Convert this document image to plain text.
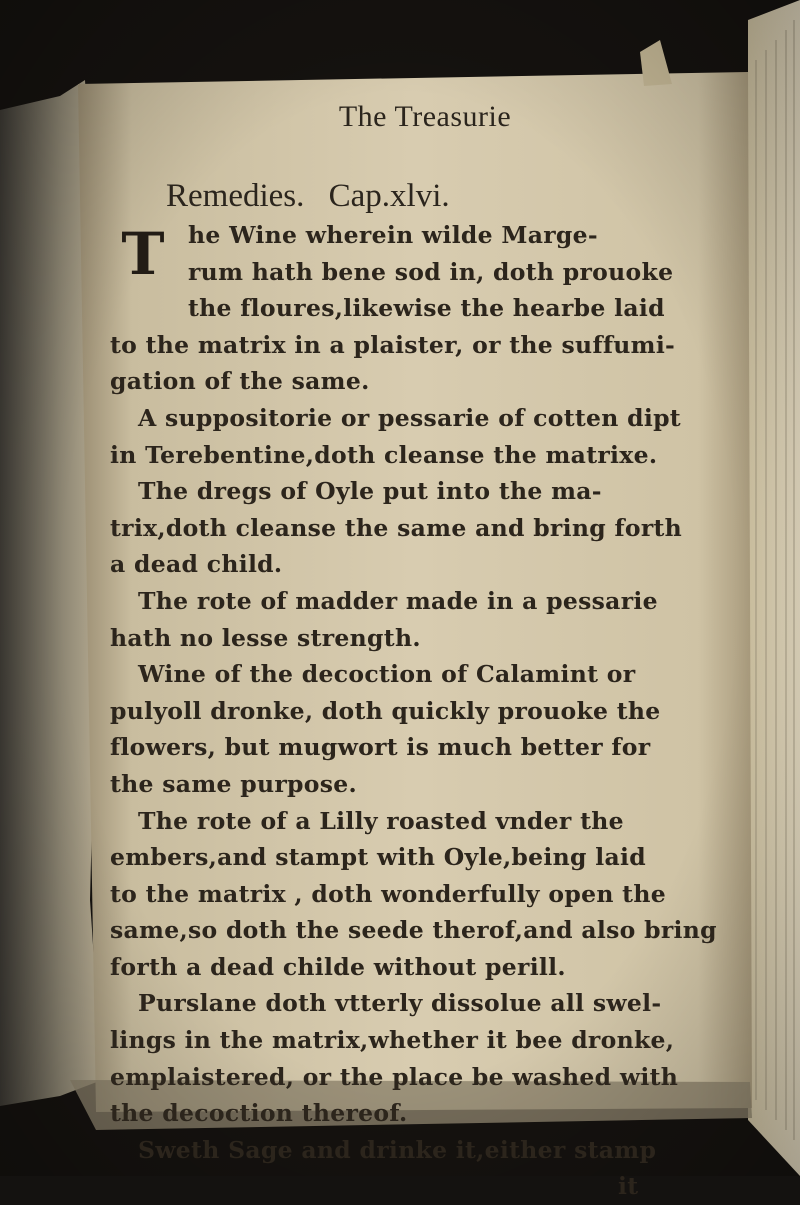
The Treasurie
Remedies. Cap.xlvi.
T he Wine wherein wilde Marge-
rum hath bene sod in, doth prouoke
the floures,likewise the hearbe laid
to the matrix in a plaister, or the suffumi-
gation of the same.
A suppositorie or pessarie of cotten dipt
in Terebentine,doth cleanse the matrixe.
The dregs of Oyle put into the ma-
trix,doth cleanse the same and bring forth
a dead child.
The rote of madder made in a pessarie
hath no lesse strength.
Wine of the decoction of Calamint or
pulyoll dronke, doth quickly prouoke the
flowers, but mugwort is much better for
the same purpose.
The rote of a Lilly roasted vnder the
embers,and stampt with Oyle,being laid
to the matrix , doth wonderfully open the
same,so doth the seede therof,and also bring
forth a dead childe without perill.
Purslane doth vtterly dissolue all swel-
lings in the matrix,whether it bee dronke,
emplaistered, or the place be washed with
the decoction thereof.
Sweth Sage and drinke it,either stamp
it
